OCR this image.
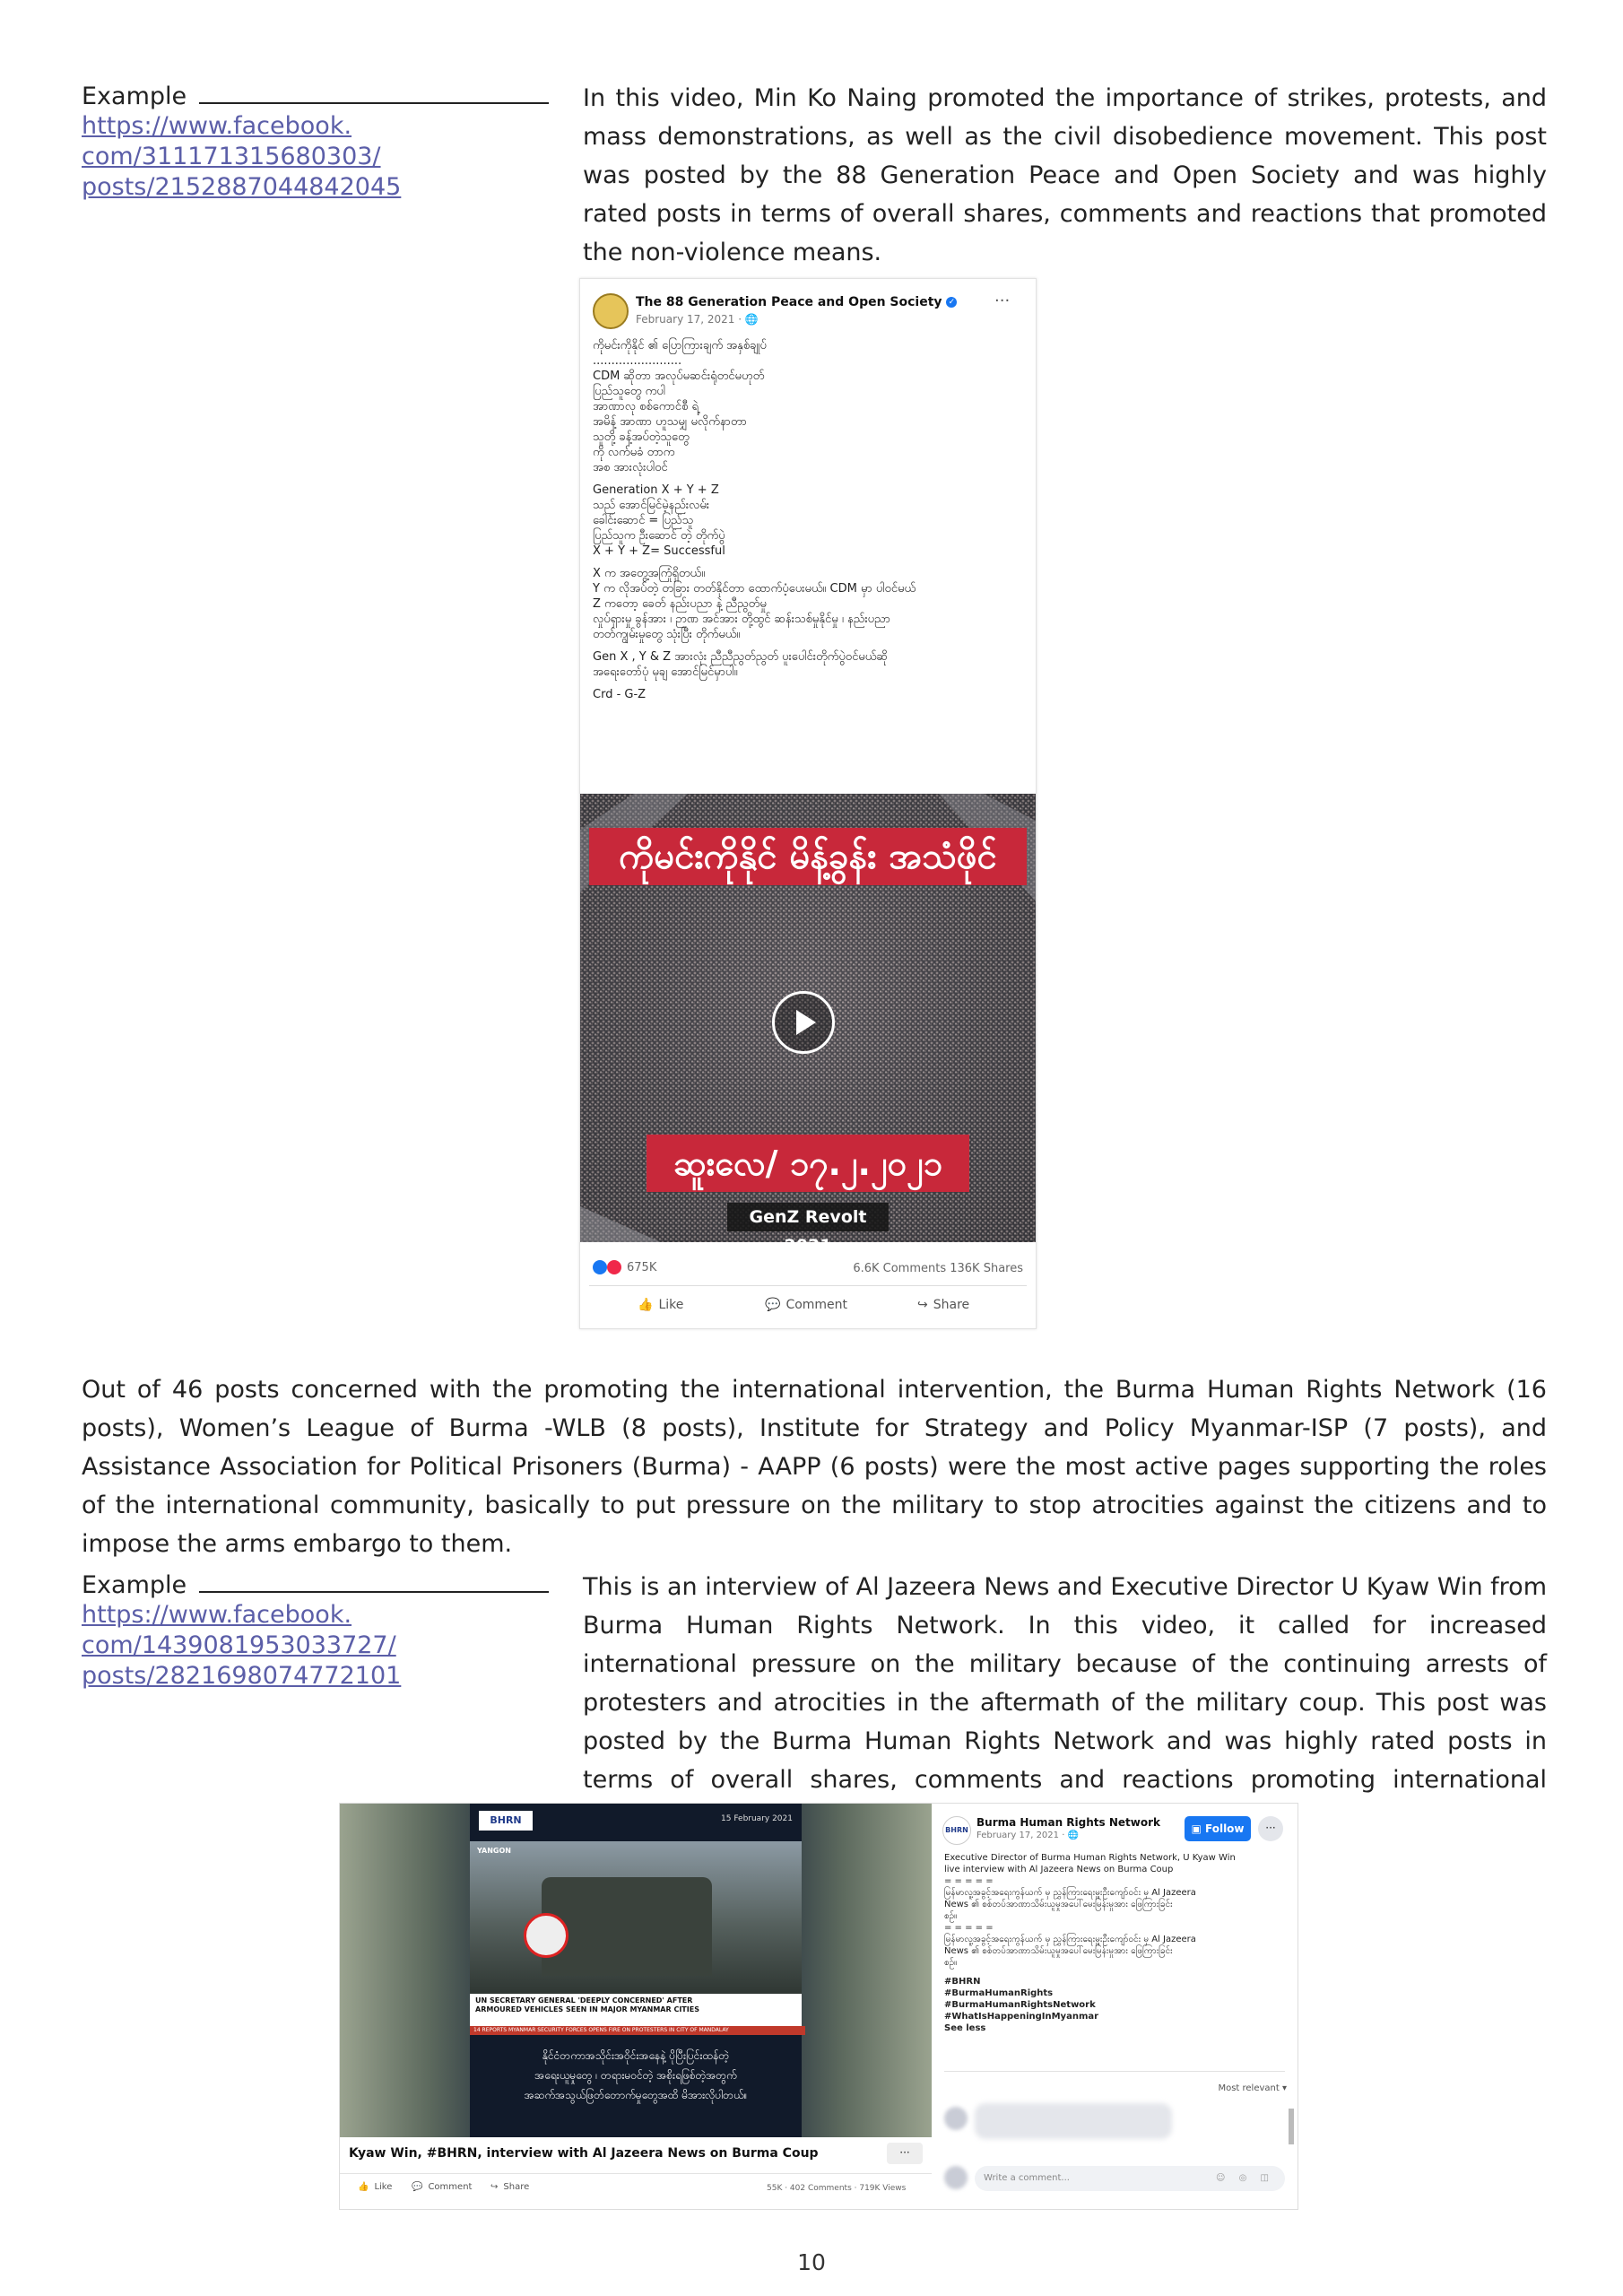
Example
https://www.facebook.
com/311171315680303/
posts/2152887044842045
In this video, Min Ko Naing promoted the importance of strikes, protests, and mass demonstrations, as well as the civil disobedience movement. This post was posted by the 88 Generation Peace and Open Society and was highly rated posts in terms of overall shares, comments and reactions that promoted the non-violence means.
The 88 Generation Peace and Open Society ✓
February 17, 2021 · 🌐
···
ကိုမင်းကိုနိုင် ၏ ပြောကြားချက် အနှစ်ချုပ်
........................
CDM ဆိုတာ အလုပ်မဆင်းရုံတင်မဟုတ်
ပြည်သူတွေ ကပါ
အာဏာလု စစ်ကောင်စီ ရဲ့
အမိန့် အာဏာ ဟူသမျှ မလိုက်နာတာ
သူတို့ ခန့်အပ်တဲ့သူတွေ
ကို လက်မခံ တာက
အစ အားလုံးပါဝင်
Generation X + Y + Z
သည် အောင်မြင်မဲ့နည်းလမ်း
ခေါင်းဆောင် = ပြည်သူ
ပြည်သူက ဦးဆောင် တဲ့ တိုက်ပွဲ
X + Y + Z= Successful
X က အတွေ့အကြုံရှိတယ်။
Y က လိုအပ်တဲ့ တခြား တတ်နိုင်တာ ထောက်ပံ့ပေးမယ်။ CDM မှာ ပါဝင်မယ်
Z ကတော့ ခေတ် နည်းပညာ နဲ့ ညီညွတ်မှု
လှုပ်ရှားမှု ခွန်အား ၊ ဉာဏ အင်အား တို့ထွင် ဆန်းသစ်မှုနိုင်မှု ၊ နည်းပညာ
တတ်ကျွမ်းမှုတွေ သုံးပြီး တိုက်မယ်။
Gen X , Y & Z အားလုံး ညီညီညွတ်ညွတ် ပူးပေါင်းတိုက်ပွဲဝင်မယ်ဆို
အရေးတော်ပုံ မုချ အောင်မြင်မှာပါ။
Crd - G-Z
ကိုမင်းကိုနိုင် မိန့်ခွန်း အသံဖိုင်
ဆူးလေ/ ၁၇.၂.၂၀၂၁
GenZ Revolt 2021
675K	6.6K Comments 136K Shares
👍 Like	💬 Comment	↪ Share
Out of 46 posts concerned with the promoting the international intervention, the Burma Human Rights Network (16 posts), Women’s League of Burma -WLB (8 posts), Institute for Strategy and Policy Myanmar-ISP (7 posts), and Assistance Association for Political Prisoners (Burma) - AAPP (6 posts) were the most active pages supporting the roles of the international community, basically to put pressure on the military to stop atrocities against the citizens and to impose the arms embargo to them.
Example
https://www.facebook.
com/1439081953033727/
posts/2821698074772101
This is an interview of Al Jazeera News and Executive Director U Kyaw Win from Burma Human Rights Network. In this video, it called for increased international pressure on the military because of the continuing arrests of protesters and atrocities in the aftermath of the military coup. This post was posted by the Burma Human Rights Network and was highly rated posts in terms of overall shares, comments and reactions promoting international
BHRN	15 February 2021
YANGON
UN SECRETARY GENERAL 'DEEPLY CONCERNED' AFTER
ARMOURED VEHICLES SEEN IN MAJOR MYANMAR CITIES
14 REPORTS MYANMAR SECURITY FORCES OPENS FIRE ON PROTESTERS IN CITY OF MANDALAY
နိုင်ငံတကာအသိုင်းအဝိုင်းအနေနဲ့ ပိုပြီးပြင်းထန်တဲ့
အရေးယူမှုတွေ ၊ တရားမဝင်တဲ့ အစိုးရဖြစ်တဲ့အတွက်
အဆက်အသွယ်ဖြတ်တောက်မှုတွေအထိ မိအားလိုပါတယ်။
Kyaw Win, #BHRN, interview with Al Jazeera News on Burma Coup	···
👍 Like 💬 Comment ↪ Share	55K · 402 Comments · 719K Views
BHRN
Burma Human Rights Network
February 17, 2021 · 🌐
▣ Follow	···
Executive Director of Burma Human Rights Network, U Kyaw Win
live interview with Al Jazeera News on Burma Coup
= = = = =
မြန်မာလူ့အခွင့်အရေးကွန်ယက် မှ ညွှန်ကြားရေးမှူးဦးကျော်ဝင်း မှ Al Jazeera
News ၏ စစ်တပ်အာဏာသိမ်းယူမှုအပေါ်မေးမြန်းမှုအား ဖြေကြားခြင်း
စဉ်။
= = = = =
မြန်မာလူ့အခွင့်အရေးကွန်ယက် မှ ညွှန်ကြားရေးမှူးဦးကျော်ဝင်း မှ Al Jazeera
News ၏ စစ်တပ်အာဏာသိမ်းယူမှုအပေါ်မေးမြန်းမှုအား ဖြေကြားခြင်း
စဉ်။
#BHRN
#BurmaHumanRights
#BurmaHumanRightsNetwork
#WhatIsHappeningInMyanmar
See less
Most relevant ▾
Write a comment...	☺ ◎ ◫
10
